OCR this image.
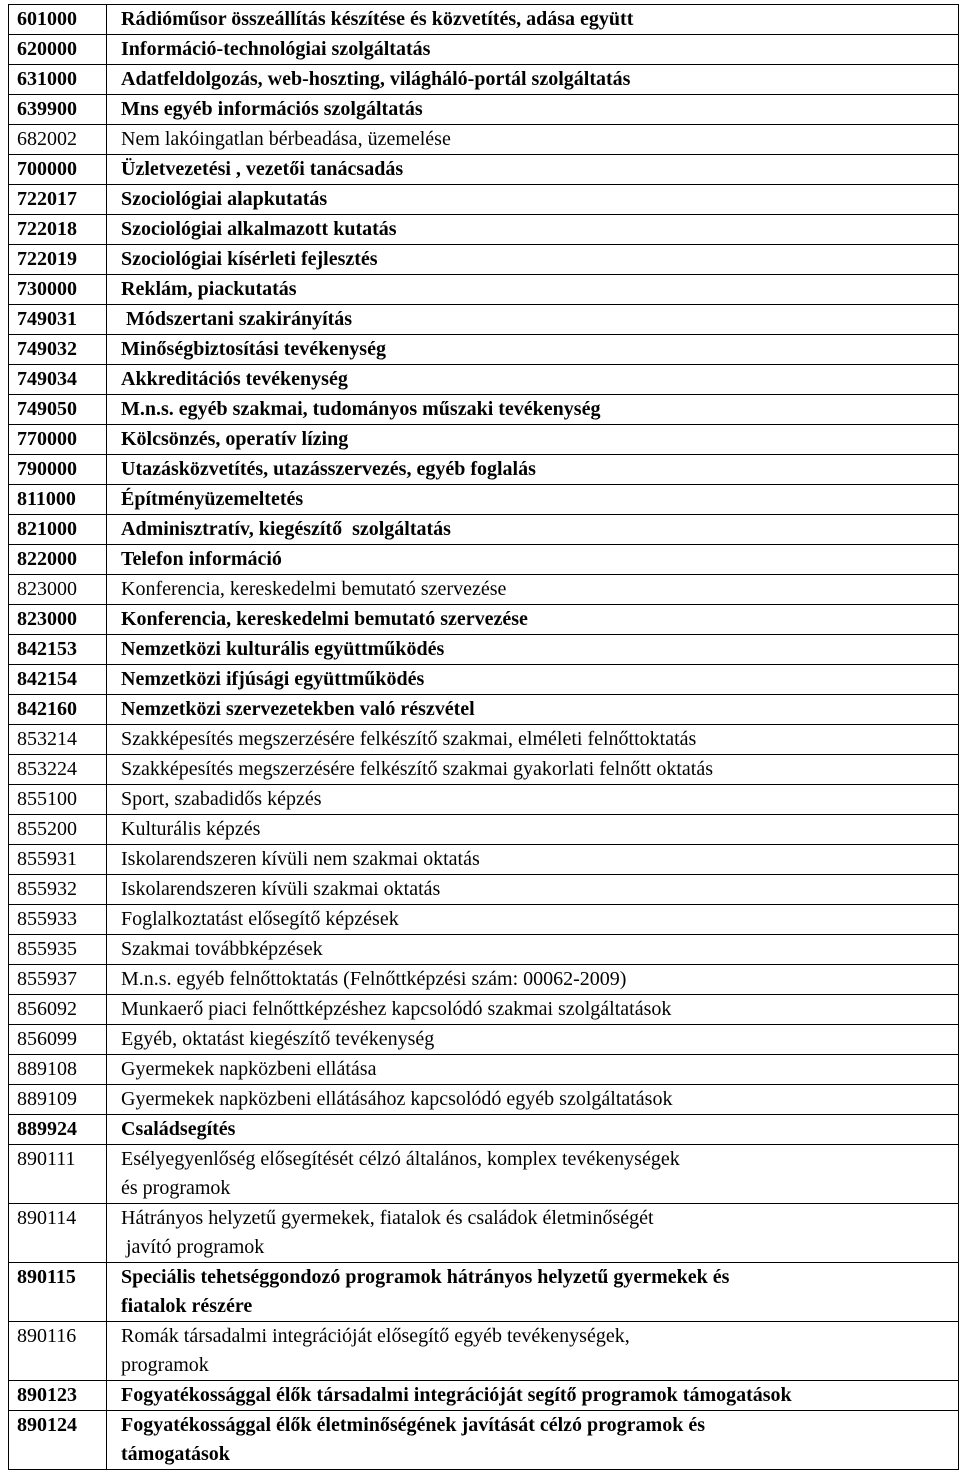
601000	Rádióműsor összeállítás készítése és közvetítés, adása együtt
620000	Információ-technológiai szolgáltatás
631000	Adatfeldolgozás, web-hoszting, világháló-portál szolgáltatás
639900	Mns egyéb információs szolgáltatás
682002	Nem lakóingatlan bérbeadása, üzemelése
700000	Üzletvezetési , vezetői tanácsadás
722017	Szociológiai alapkutatás
722018	Szociológiai alkalmazott kutatás
722019	Szociológiai kísérleti fejlesztés
730000	Reklám, piackutatás
749031	Módszertani szakirányítás
749032	Minőségbiztosítási tevékenység
749034	Akkreditációs tevékenység
749050	M.n.s. egyéb szakmai, tudományos műszaki tevékenység
770000	Kölcsönzés, operatív lízing
790000	Utazásközvetítés, utazásszervezés, egyéb foglalás
811000	Építményüzemeltetés
821000	Adminisztratív, kiegészítő  szolgáltatás
822000	Telefon információ
823000	Konferencia, kereskedelmi bemutató szervezése
823000	Konferencia, kereskedelmi bemutató szervezése
842153	Nemzetközi kulturális együttműködés
842154	Nemzetközi ifjúsági együttműködés
842160	Nemzetközi szervezetekben való részvétel
853214	Szakképesítés megszerzésére felkészítő szakmai, elméleti felnőttoktatás
853224	Szakképesítés megszerzésére felkészítő szakmai gyakorlati felnőtt oktatás
855100	Sport, szabadidős képzés
855200	Kulturális képzés
855931	Iskolarendszeren kívüli nem szakmai oktatás
855932	Iskolarendszeren kívüli szakmai oktatás
855933	Foglalkoztatást elősegítő képzések
855935	Szakmai továbbképzések
855937	M.n.s. egyéb felnőttoktatás (Felnőttképzési szám: 00062-2009)
856092	Munkaerő piaci felnőttképzéshez kapcsolódó szakmai szolgáltatások
856099	Egyéb, oktatást kiegészítő tevékenység
889108	Gyermekek napközbeni ellátása
889109	Gyermekek napközbeni ellátásához kapcsolódó egyéb szolgáltatások
889924	Családsegítés
890111	Esélyegyenlőség elősegítését célzó általános, komplex tevékenységek
és programok

890114	Hátrányos helyzetű gyermekek, fiatalok és családok életminőségét
javító programok

890115	Speciális tehetséggondozó programok hátrányos helyzetű gyermekek és
fiatalok részére

890116	Romák társadalmi integrációját elősegítő egyéb tevékenységek,
programok

890123	Fogyatékossággal élők társadalmi integrációját segítő programok támogatások
890124	Fogyatékossággal élők életminőségének javítását célzó programok és
támogatások
